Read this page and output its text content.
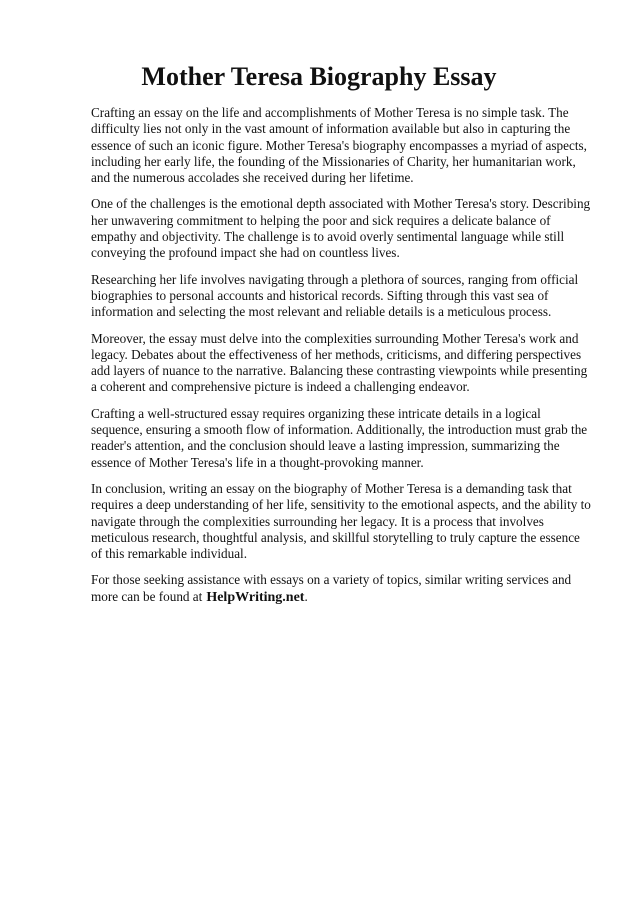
Mother Teresa Biography Essay

Crafting an essay on the life and accomplishments of Mother Teresa is no simple task. The difficulty lies not only in the vast amount of information available but also in capturing the essence of such an iconic figure. Mother Teresa's biography encompasses a myriad of aspects, including her early life, the founding of the Missionaries of Charity, her humanitarian work, and the numerous accolades she received during her lifetime.

One of the challenges is the emotional depth associated with Mother Teresa's story. Describing her unwavering commitment to helping the poor and sick requires a delicate balance of empathy and objectivity. The challenge is to avoid overly sentimental language while still conveying the profound impact she had on countless lives.

Researching her life involves navigating through a plethora of sources, ranging from official biographies to personal accounts and historical records. Sifting through this vast sea of information and selecting the most relevant and reliable details is a meticulous process.

Moreover, the essay must delve into the complexities surrounding Mother Teresa's work and legacy. Debates about the effectiveness of her methods, criticisms, and differing perspectives add layers of nuance to the narrative. Balancing these contrasting viewpoints while presenting a coherent and comprehensive picture is indeed a challenging endeavor.

Crafting a well-structured essay requires organizing these intricate details in a logical sequence, ensuring a smooth flow of information. Additionally, the introduction must grab the reader's attention, and the conclusion should leave a lasting impression, summarizing the essence of Mother Teresa's life in a thought-provoking manner.

In conclusion, writing an essay on the biography of Mother Teresa is a demanding task that requires a deep understanding of her life, sensitivity to the emotional aspects, and the ability to navigate through the complexities surrounding her legacy. It is a process that involves meticulous research, thoughtful analysis, and skillful storytelling to truly capture the essence of this remarkable individual.

For those seeking assistance with essays on a variety of topics, similar writing services and more can be found at HelpWriting.net.
